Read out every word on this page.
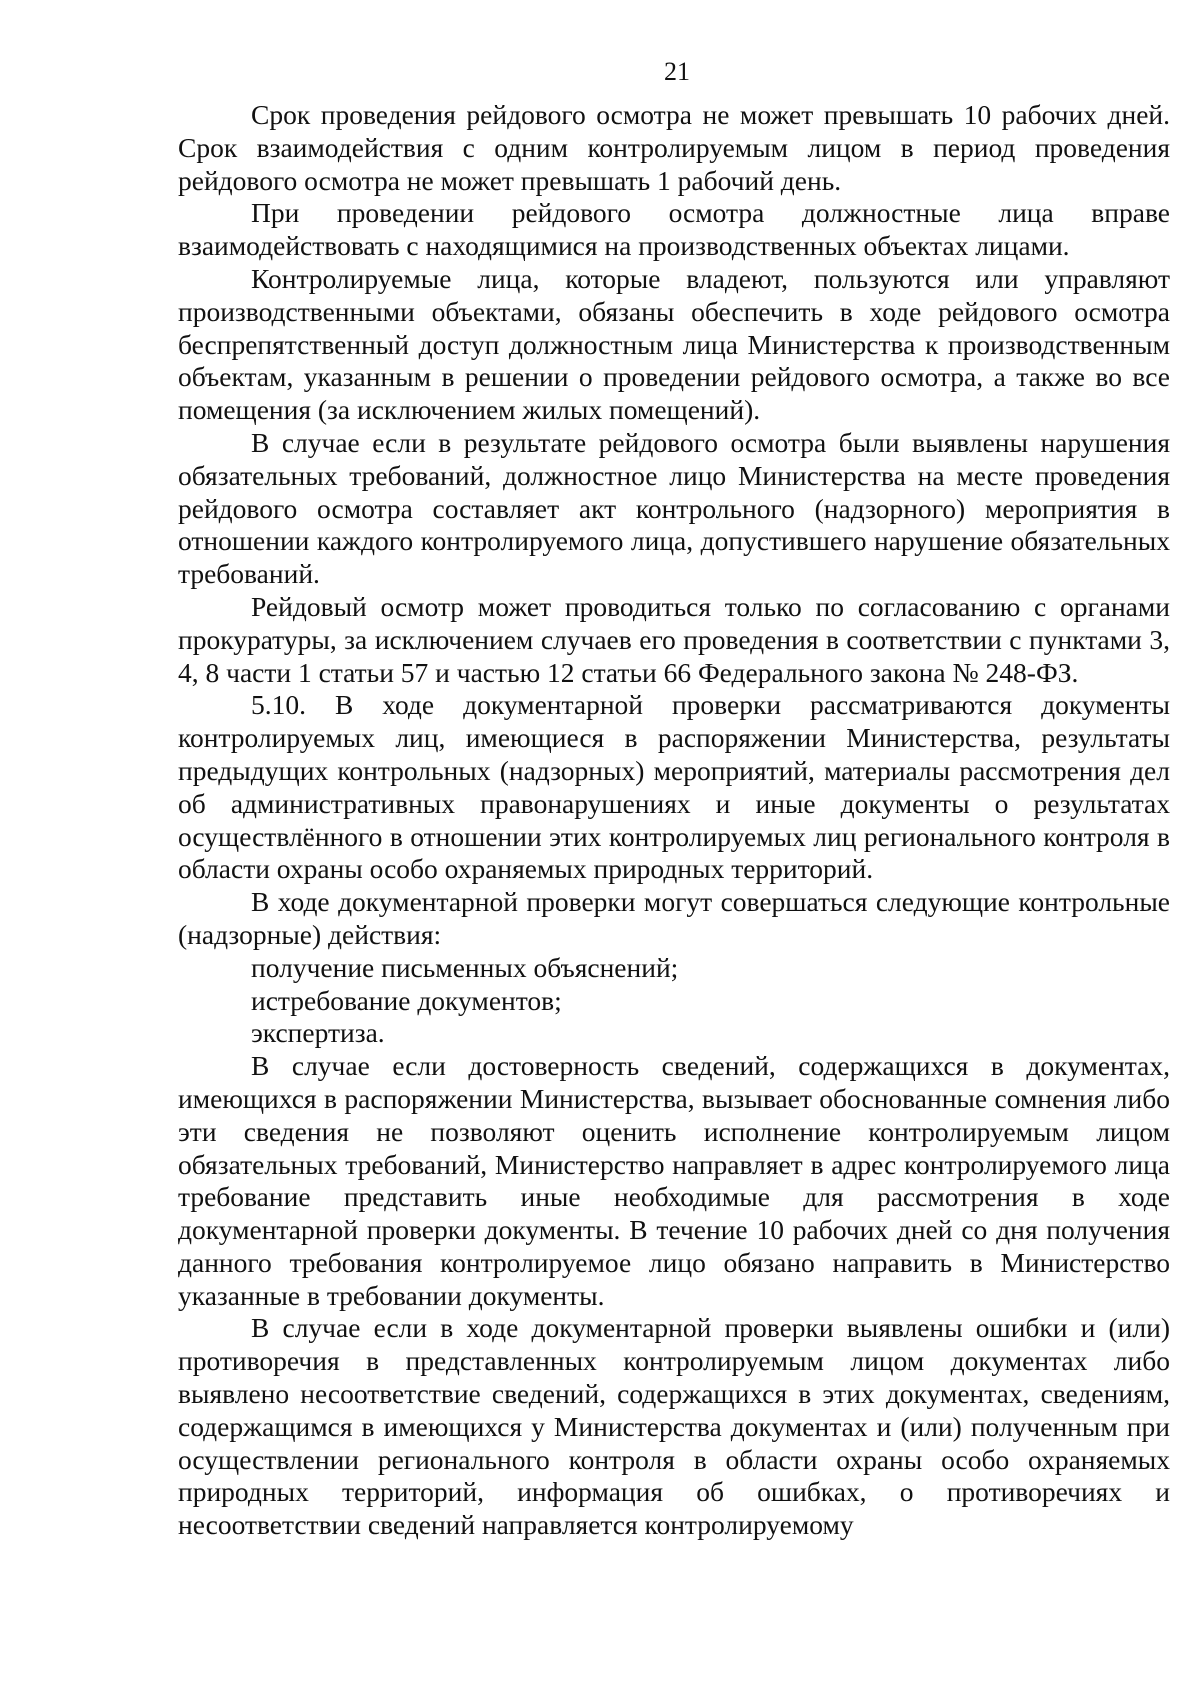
21

Срок проведения рейдового осмотра не может превышать 10 рабочих дней. Срок взаимодействия с одним контролируемым лицом в период проведения рейдового осмотра не может превышать 1 рабочий день.

При проведении рейдового осмотра должностные лица вправе взаимодействовать с находящимися на производственных объектах лицами.

Контролируемые лица, которые владеют, пользуются или управляют производственными объектами, обязаны обеспечить в ходе рейдового осмотра беспрепятственный доступ должностным лица Министерства к производственным объектам, указанным в решении о проведении рейдового осмотра, а также во все помещения (за исключением жилых помещений).

В случае если в результате рейдового осмотра были выявлены нарушения обязательных требований, должностное лицо Министерства на месте проведения рейдового осмотра составляет акт контрольного (надзорного) мероприятия в отношении каждого контролируемого лица, допустившего нарушение обязательных требований.

Рейдовый осмотр может проводиться только по согласованию с органами прокуратуры, за исключением случаев его проведения в соответствии с пунктами 3, 4, 8 части 1 статьи 57 и частью 12 статьи 66 Федерального закона № 248-ФЗ.

5.10. В ходе документарной проверки рассматриваются документы контролируемых лиц, имеющиеся в распоряжении Министерства, результаты предыдущих контрольных (надзорных) мероприятий, материалы рассмотрения дел об административных правонарушениях и иные документы о результатах осуществлённого в отношении этих контролируемых лиц регионального контроля в области охраны особо охраняемых природных территорий.

В ходе документарной проверки могут совершаться следующие контрольные (надзорные) действия:

получение письменных объяснений;

истребование документов;

экспертиза.

В случае если достоверность сведений, содержащихся в документах, имеющихся в распоряжении Министерства, вызывает обоснованные сомнения либо эти сведения не позволяют оценить исполнение контролируемым лицом обязательных требований, Министерство направляет в адрес контролируемого лица требование представить иные необходимые для рассмотрения в ходе документарной проверки документы. В течение 10 рабочих дней со дня получения данного требования контролируемое лицо обязано направить в Министерство указанные в требовании документы.

В случае если в ходе документарной проверки выявлены ошибки и (или) противоречия в представленных контролируемым лицом документах либо выявлено несоответствие сведений, содержащихся в этих документах, сведениям, содержащимся в имеющихся у Министерства документах и (или) полученным при осуществлении регионального контроля в области охраны особо охраняемых природных территорий, информация об ошибках, о противоречиях и несоответствии сведений направляется контролируемому
